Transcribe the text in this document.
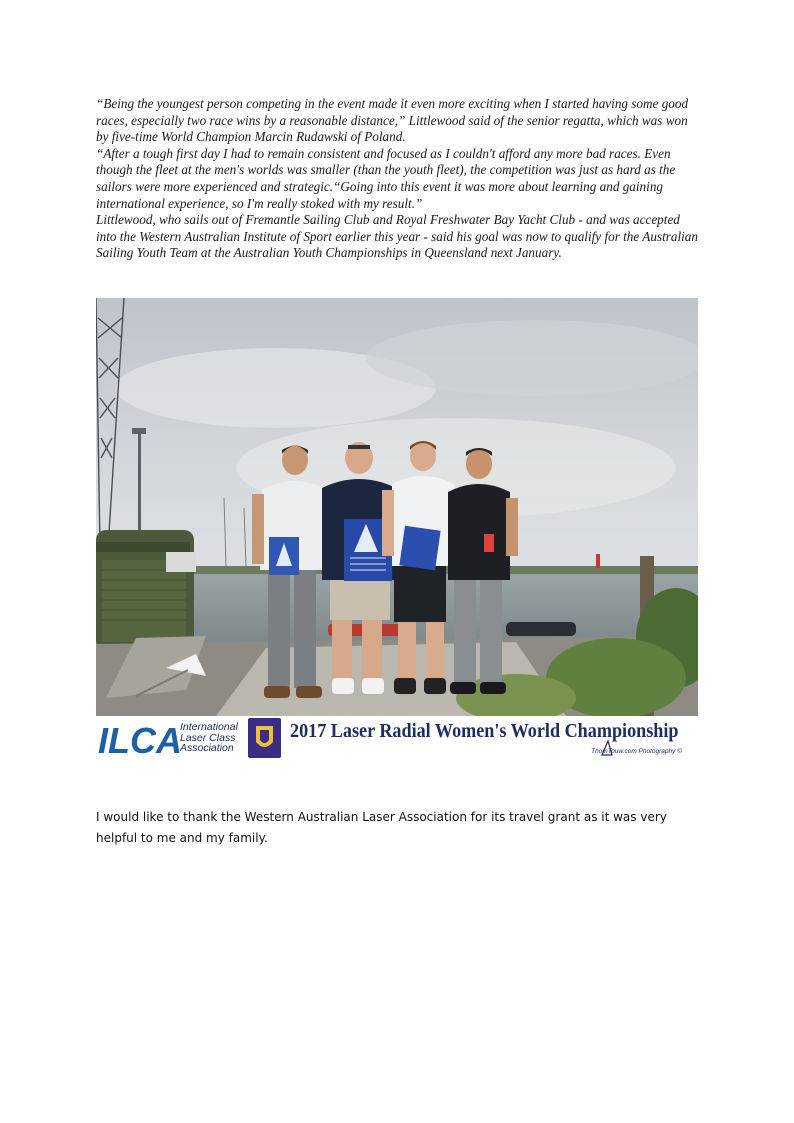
“Being the youngest person competing in the event made it even more exciting when I started having some good races, especially two race wins by a reasonable distance,” Littlewood said of the senior regatta, which was won by five-time World Champion Marcin Rudawski of Poland.

“After a tough first day I had to remain consistent and focused as I couldn't afford any more bad races. Even though the fleet at the men's worlds was smaller (than the youth fleet), the competition was just as hard as the sailors were more experienced and strategic.“Going into this event it was more about learning and gaining international experience, so I'm really stoked with my result.”

Littlewood, who sails out of Fremantle Sailing Club and Royal Freshwater Bay Yacht Club - and was accepted into the Western Australian Institute of Sport earlier this year - said his goal was now to qualify for the Australian Sailing Youth Team at the Australian Youth Championships in Queensland next January.

ILCA
International
Laser Class
Association
2017 Laser Radial Women's World Championship
ThomTouw.com Photography ©

I would like to thank the Western Australian Laser Association for its travel grant as it was very helpful to me and my family.
